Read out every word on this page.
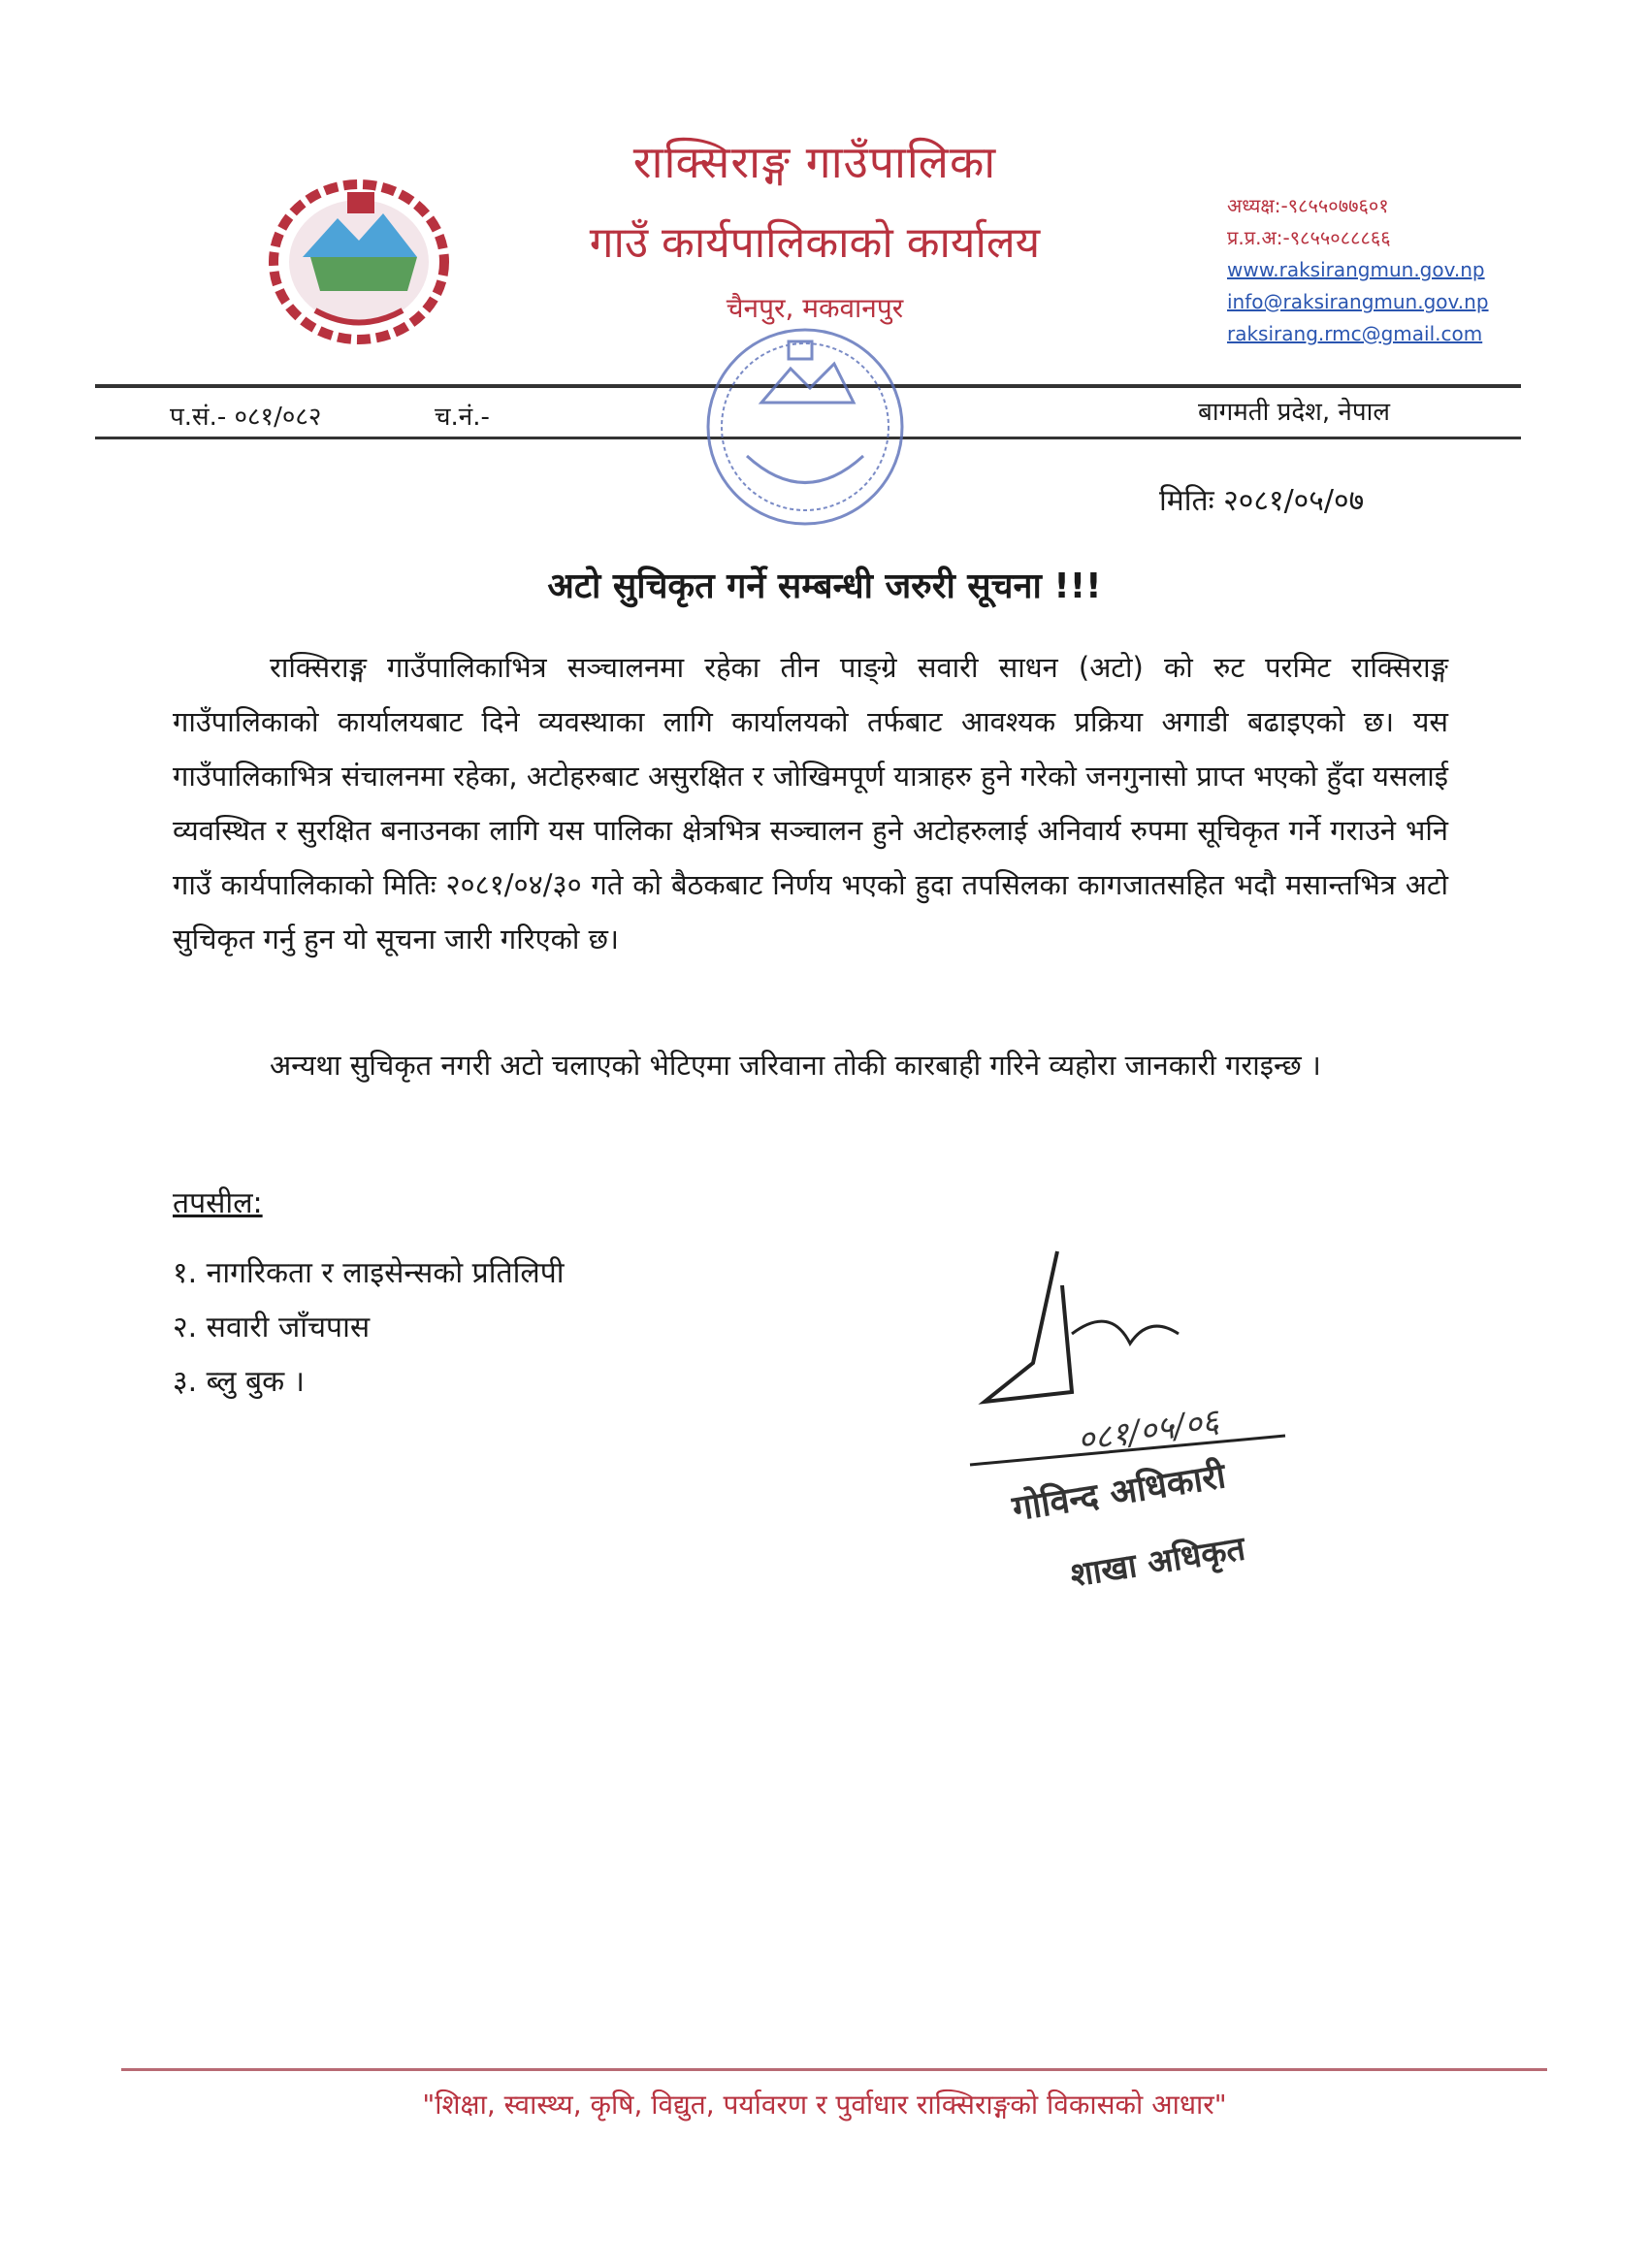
राक्सिराङ्ग गाउँपालिका
गाउँ कार्यपालिकाको कार्यालय
चैनपुर, मकवानपुर
अध्यक्ष:-९८५५०७७६०१
प्र.प्र.अ:-९८५५०८८८६६
www.raksirangmun.gov.np
info@raksirangmun.gov.np
raksirang.rmc@gmail.com
प.सं.- ०८१/०८२	च.नं.-	बागमती प्रदेश, नेपाल
मितिः २०८१/०५/०७
अटो सुचिकृत गर्ने सम्बन्धी जरुरी सूचना !!!
राक्सिराङ्ग गाउँपालिकाभित्र सञ्चालनमा रहेका तीन पाङ्ग्रे सवारी साधन (अटो) को रुट परमिट राक्सिराङ्ग गाउँपालिकाको कार्यालयबाट दिने व्यवस्थाका लागि कार्यालयको तर्फबाट आवश्यक प्रक्रिया अगाडी बढाइएको छ। यस गाउँपालिकाभित्र संचालनमा रहेका, अटोहरुबाट असुरक्षित र जोखिमपूर्ण यात्राहरु हुने गरेको जनगुनासो प्राप्त भएको हुँदा यसलाई व्यवस्थित र सुरक्षित बनाउनका लागि यस पालिका क्षेत्रभित्र सञ्चालन हुने अटोहरुलाई अनिवार्य रुपमा सूचिकृत गर्ने गराउने भनि गाउँ कार्यपालिकाको मितिः २०८१/०४/३० गते को बैठकबाट निर्णय भएको हुदा तपसिलका कागजातसहित भदौ मसान्तभित्र अटो सुचिकृत गर्नु हुन यो सूचना जारी गरिएको छ।
अन्यथा सुचिकृत नगरी अटो चलाएको भेटिएमा जरिवाना तोकी कारबाही गरिने व्यहोरा जानकारी गराइन्छ ।
तपसील:
१. नागरिकता र लाइसेन्सको प्रतिलिपी
२. सवारी जाँचपास
३. ब्लु बुक ।
०८१/०५/०६
गोविन्द अधिकारी
शाखा अधिकृत
"शिक्षा, स्वास्थ्य, कृषि, विद्युत, पर्यावरण र पुर्वाधार राक्सिराङ्गको विकासको आधार"
